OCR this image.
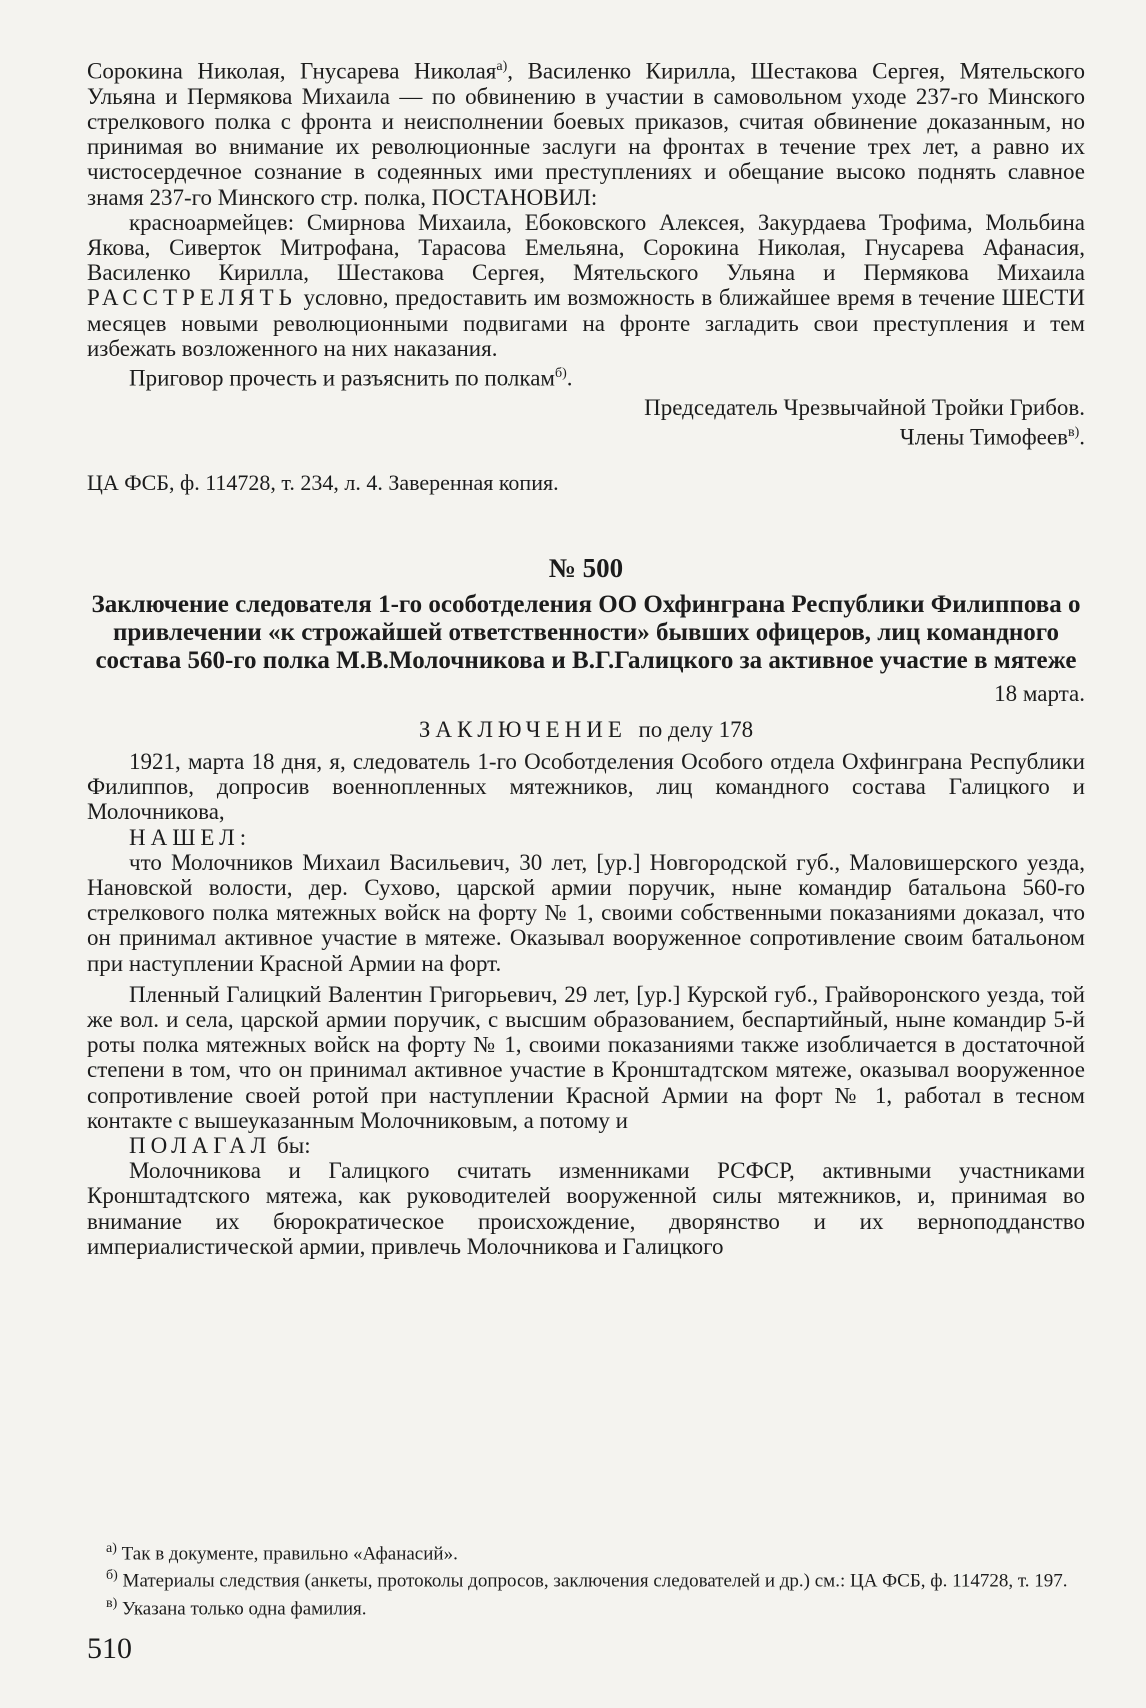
Сорокина Николая, Гнусарева Николая$^{а)}$, Василенко Кирилла, Шестакова Сергея, Мятельского Ульяна и Пермякова Михаила — по обвинению в участии в самовольном уходе 237-го Минского стрелкового полка с фронта и неисполнении боевых приказов, считая обвинение доказанным, но принимая во внимание их революционные заслуги на фронтах в течение трех лет, а равно их чистосердечное сознание в содеянных ими преступлениях и обещание высоко поднять славное знамя 237-го Минского стр. полка, ПОСТАНОВИЛ:

красноармейцев: Смирнова Михаила, Ебоковского Алексея, Закурдаева Трофима, Мольбина Якова, Сиверток Митрофана, Тарасова Емельяна, Сорокина Николая, Гнусарева Афанасия, Василенко Кирилла, Шестакова Сергея, Мятельского Ульяна и Пермякова Михаила РАССТРЕЛЯТЬ условно, предоставить им возможность в ближайшее время в течение ШЕСТИ месяцев новыми революционными подвигами на фронте загладить свои преступления и тем избежать возложенного на них наказания.

Приговор прочесть и разъяснить по полкам$^{б)}$.

Председатель Чрезвычайной Тройки Грибов.

Члены Тимофеев$^{в)}$.

ЦА ФСБ, ф. 114728, т. 234, л. 4. Заверенная копия.

№ 500

Заключение следователя 1-го особотделения ОО Охфинграна Республики Филиппова о привлечении «к строжайшей ответственности» бывших офицеров, лиц командного состава 560-го полка М.В.Молочникова и В.Г.Галицкого за активное участие в мятеже

18 марта.

ЗАКЛЮЧЕНИЕ по делу 178

1921, марта 18 дня, я, следователь 1-го Особотделения Особого отдела Охфинграна Республики Филиппов, допросив военнопленных мятежников, лиц командного состава Галицкого и Молочникова,

НАШЕЛ:

что Молочников Михаил Васильевич, 30 лет, [ур.] Новгородской губ., Маловишерского уезда, Нановской волости, дер. Сухово, царской армии поручик, ныне командир батальона 560-го стрелкового полка мятежных войск на форту № 1, своими собственными показаниями доказал, что он принимал активное участие в мятеже. Оказывал вооруженное сопротивление своим батальоном при наступлении Красной Армии на форт.

Пленный Галицкий Валентин Григорьевич, 29 лет, [ур.] Курской губ., Грайворонского уезда, той же вол. и села, царской армии поручик, с высшим образованием, беспартийный, ныне командир 5-й роты полка мятежных войск на форту № 1, своими показаниями также изобличается в достаточной степени в том, что он принимал активное участие в Кронштадтском мятеже, оказывал вооруженное сопротивление своей ротой при наступлении Красной Армии на форт № 1, работал в тесном контакте с вышеуказанным Молочниковым, а потому и

ПОЛАГАЛ бы:

Молочникова и Галицкого считать изменниками РСФСР, активными участниками Кронштадтского мятежа, как руководителей вооруженной силы мятежников, и, принимая во внимание их бюрократическое происхождение, дворянство и их верноподданство империалистической армии, привлечь Молочникова и Галицкого

$^{а)}$ Так в документе, правильно «Афанасий».

$^{б)}$ Материалы следствия (анкеты, протоколы допросов, заключения следователей и др.) см.: ЦА ФСБ, ф. 114728, т. 197.

$^{в)}$ Указана только одна фамилия.

510
